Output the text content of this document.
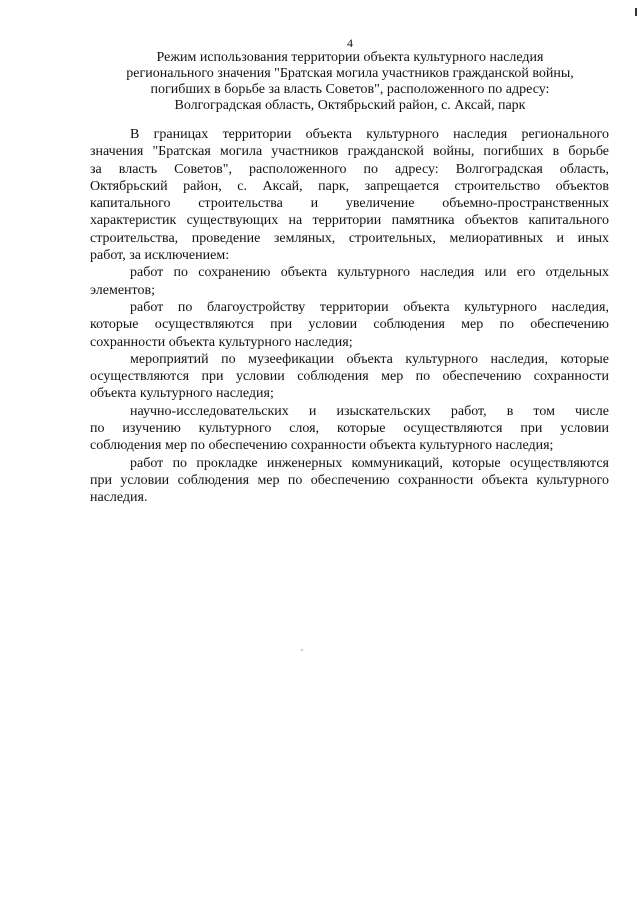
4
Режим использования территории объекта культурного наследия
регионального значения "Братская могила участников гражданской войны,
погибших в борьбе за власть Советов", расположенного по адресу:
Волгоградская область, Октябрьский район, с. Аксай, парк
В границах территории объекта культурного наследия регионального
значения "Братская могила участников гражданской войны, погибших в борьбе
за власть Советов", расположенного по адресу: Волгоградская область,
Октябрьский район, с. Аксай, парк, запрещается строительство объектов
капитального строительства и увеличение объемно-пространственных
характеристик существующих на территории памятника объектов капитального
строительства, проведение земляных, строительных, мелиоративных и иных
работ, за исключением:
работ по сохранению объекта культурного наследия или его отдельных
элементов;
работ по благоустройству территории объекта культурного наследия,
которые осуществляются при условии соблюдения мер по обеспечению
сохранности объекта культурного наследия;
мероприятий по музеефикации объекта культурного наследия, которые
осуществляются при условии соблюдения мер по обеспечению сохранности
объекта культурного наследия;
научно-исследовательских и изыскательских работ, в том числе
по изучению культурного слоя, которые осуществляются при условии
соблюдения мер по обеспечению сохранности объекта культурного наследия;
работ по прокладке инженерных коммуникаций, которые осуществляются
при условии соблюдения мер по обеспечению сохранности объекта культурного
наследия.
